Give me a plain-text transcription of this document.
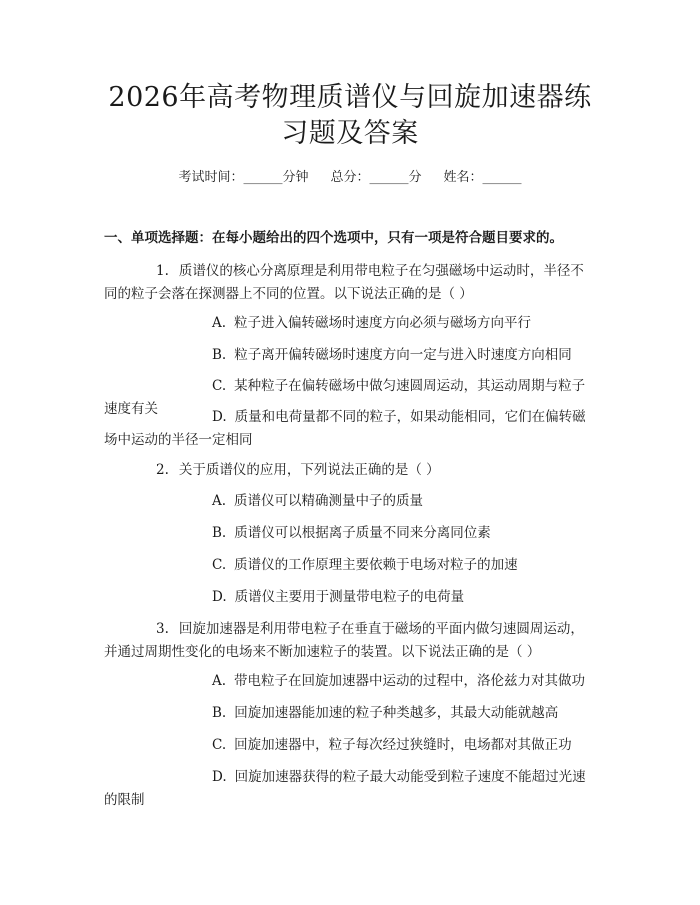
2026年高考物理质谱仪与回旋加速器练习题及答案
考试时间：______分钟 总分：______分 姓名：______
一、单项选择题：在每小题给出的四个选项中，只有一项是符合题目要求的。
1. 质谱仪的核心分离原理是利用带电粒子在匀强磁场中运动时，半径不同的粒子会落在探测器上不同的位置。以下说法正确的是（ ）
A. 粒子进入偏转磁场时速度方向必须与磁场方向平行
B. 粒子离开偏转磁场时速度方向一定与进入时速度方向相同
C. 某种粒子在偏转磁场中做匀速圆周运动，其运动周期与粒子速度有关	D. 质量和电荷量都不同的粒子，如果动能相同，它们在偏转磁场中运动的半径一定相同
2. 关于质谱仪的应用，下列说法正确的是（ ）
A. 质谱仪可以精确测量中子的质量
B. 质谱仪可以根据离子质量不同来分离同位素
C. 质谱仪的工作原理主要依赖于电场对粒子的加速
D. 质谱仪主要用于测量带电粒子的电荷量
3. 回旋加速器是利用带电粒子在垂直于磁场的平面内做匀速圆周运动，并通过周期性变化的电场来不断加速粒子的装置。以下说法正确的是（ ）
A. 带电粒子在回旋加速器中运动的过程中，洛伦兹力对其做功
B. 回旋加速器能加速的粒子种类越多，其最大动能就越高
C. 回旋加速器中，粒子每次经过狭缝时，电场都对其做正功
D. 回旋加速器获得的粒子最大动能受到粒子速度不能超过光速的限制
